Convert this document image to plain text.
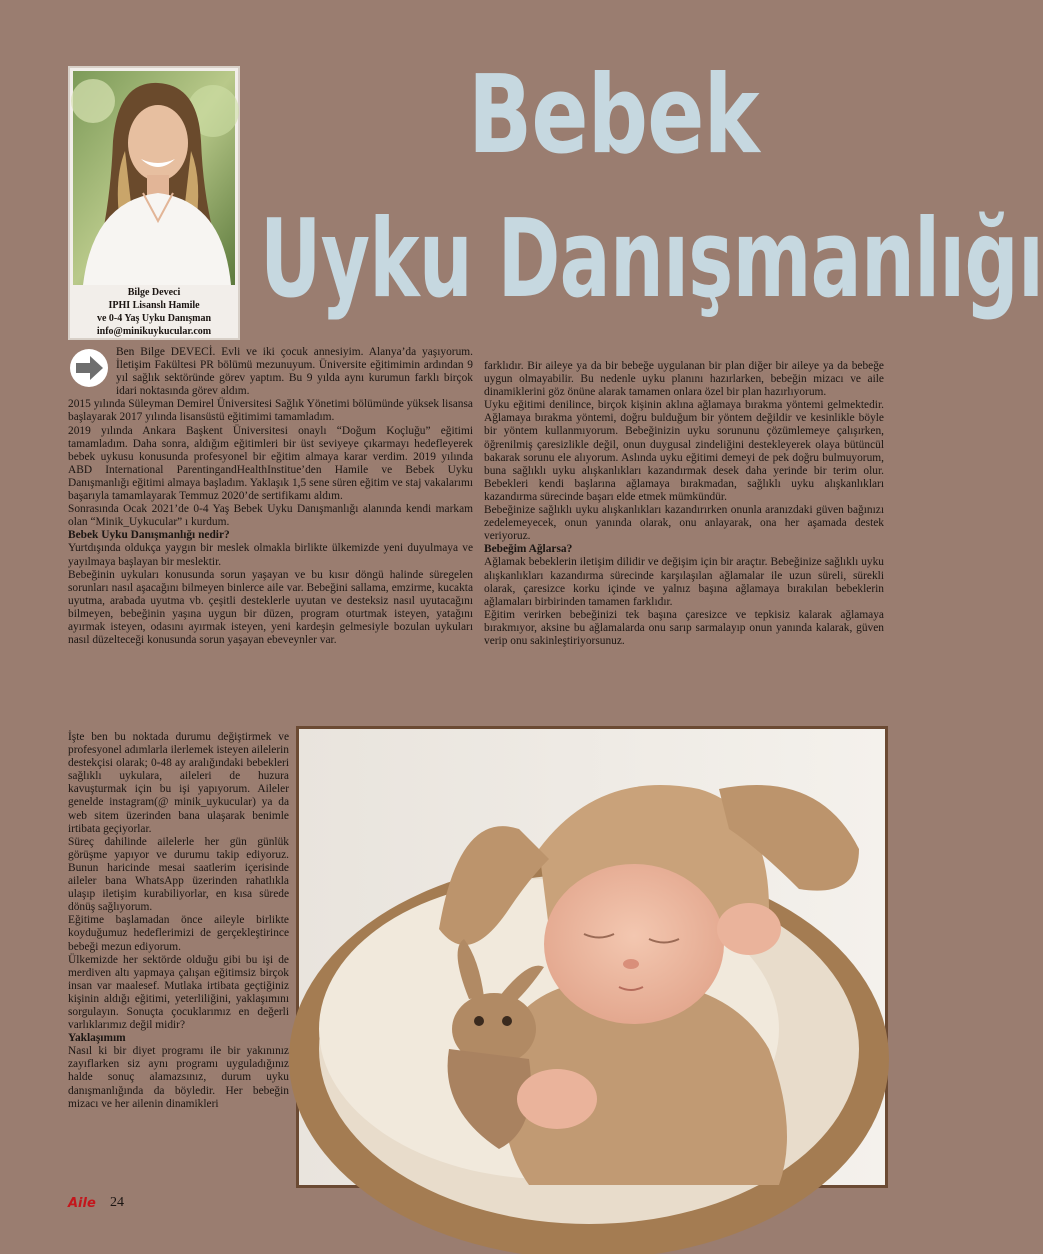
Bilge Deveci
IPHI Lisanslı Hamile
ve 0-4 Yaş Uyku Danışman
info@minikuykucular.com
Bebek
Uyku Danışmanlığı

Ben Bilge DEVECİ. Evli ve iki çocuk annesiyim. Alanya’da yaşıyorum. İletişim Fakültesi PR bölümü mezunuyum. Üniversite eğitimimin ardından 9 yıl sağlık sektöründe görev yaptım. Bu 9 yılda aynı kurumun farklı birçok idari noktasında görev aldım.

2015 yılında Süleyman Demirel Üniversitesi Sağlık Yönetimi bölümünde yüksek lisansa başlayarak 2017 yılında lisansüstü eğitimimi tamamladım.

2019 yılında Ankara Başkent Üniversitesi onaylı “Doğum Koçluğu” eğitimi tamamladım. Daha sonra, aldığım eğitimleri bir üst seviyeye çıkarmayı hedefleyerek bebek uykusu konusunda profesyonel bir eğitim almaya karar verdim. 2019 yılında ABD International ParentingandHealthInstitue’den Hamile ve Bebek Uyku Danışmanlığı eğitimi almaya başladım. Yaklaşık 1,5 sene süren eğitim ve staj vakalarımı başarıyla tamamlayarak Temmuz 2020’de sertifikamı aldım.

Sonrasında Ocak 2021’de 0-4 Yaş Bebek Uyku Danışmanlığı alanında kendi markam olan “Minik_Uykucular” ı kurdum.

Bebek Uyku Danışmanlığı nedir?

Yurtdışında oldukça yaygın bir meslek olmakla birlikte ülkemizde yeni duyulmaya ve yayılmaya başlayan bir meslektir.

Bebeğinin uykuları konusunda sorun yaşayan ve bu kısır döngü halinde süregelen sorunları nasıl aşacağını bilmeyen binlerce aile var. Bebeğini sallama, emzirme, kucakta uyutma, arabada uyutma vb. çeşitli desteklerle uyutan ve desteksiz nasıl uyutacağını bilmeyen, bebeğinin yaşına uygun bir düzen, program oturtmak isteyen, yatağını ayırmak isteyen, odasını ayırmak isteyen, yeni kardeşin gelmesiyle bozulan uykuları nasıl düzelteceği konusunda sorun yaşayan ebeveynler var.

İşte ben bu noktada durumu değiştirmek ve profesyonel adımlarla ilerlemek isteyen ailelerin destekçisi olarak; 0-48 ay aralığındaki bebekleri sağlıklı uykulara, aileleri de huzura kavuşturmak için bu işi yapıyorum. Aileler genelde instagram(@ minik_uykucular) ya da web sitem üzerinden bana ulaşarak benimle irtibata geçiyorlar.

Süreç dahilinde ailelerle her gün günlük görüşme yapıyor ve durumu takip ediyoruz. Bunun haricinde mesai saatlerim içerisinde aileler bana WhatsApp üzerinden rahatlıkla ulaşıp iletişim kurabiliyorlar, en kısa sürede dönüş sağlıyorum.

Eğitime başlamadan önce aileyle birlikte koyduğumuz hedeflerimizi de gerçekleştirince bebeği mezun ediyorum.

Ülkemizde her sektörde olduğu gibi bu işi de merdiven altı yapmaya çalışan eğitimsiz birçok insan var maalesef. Mutlaka irtibata geçtiğiniz kişinin aldığı eğitimi, yeterliliğini, yaklaşımını sorgulayın. Sonuçta çocuklarımız en değerli varlıklarımız değil midir?

Yaklaşımım

Nasıl ki bir diyet programı ile bir yakınınız zayıflarken siz aynı programı uyguladığınız halde sonuç alamazsınız, durum uyku danışmanlığında da böyledir. Her bebeğin mizacı ve her ailenin dinamikleri

farklıdır. Bir aileye ya da bir bebeğe uygulanan bir plan diğer bir aileye ya da bebeğe uygun olmayabilir. Bu nedenle uyku planını hazırlarken, bebeğin mizacı ve aile dinamiklerini göz önüne alarak tamamen onlara özel bir plan hazırlıyorum.

Uyku eğitimi denilince, birçok kişinin aklına ağlamaya bırakma yöntemi gelmektedir. Ağlamaya bırakma yöntemi, doğru bulduğum bir yöntem değildir ve kesinlikle böyle bir yöntem kullanmıyorum. Bebeğinizin uyku sorununu çözümlemeye çalışırken, öğrenilmiş çaresizlikle değil, onun duygusal zindeliğini destekleyerek olaya bütüncül bakarak sorunu ele alıyorum. Aslında uyku eğitimi demeyi de pek doğru bulmuyorum, buna sağlıklı uyku alışkanlıkları kazandırmak desek daha yerinde bir terim olur. Bebekleri kendi başlarına ağlamaya bırakmadan, sağlıklı uyku alışkanlıkları kazandırma sürecinde başarı elde etmek mümkündür.

Bebeğinize sağlıklı uyku alışkanlıkları kazandırırken onunla aranızdaki güven bağınızı zedelemeyecek, onun yanında olarak, onu anlayarak, ona her aşamada destek veriyoruz.

Bebeğim Ağlarsa?

Ağlamak bebeklerin iletişim dilidir ve değişim için bir araçtır. Bebeğinize sağlıklı uyku alışkanlıkları kazandırma sürecinde karşılaşılan ağlamalar ile uzun süreli, sürekli olarak, çaresizce korku içinde ve yalnız başına ağlamaya bırakılan bebeklerin ağlamaları birbirinden tamamen farklıdır.

Eğitim verirken bebeğinizi tek başına çaresizce ve tepkisiz kalarak ağlamaya bırakmıyor, aksine bu ağlamalarda onu sarıp sarmalayıp onun yanında kalarak, güven verip onu sakinleştiriyorsunuz.

Aile 24
